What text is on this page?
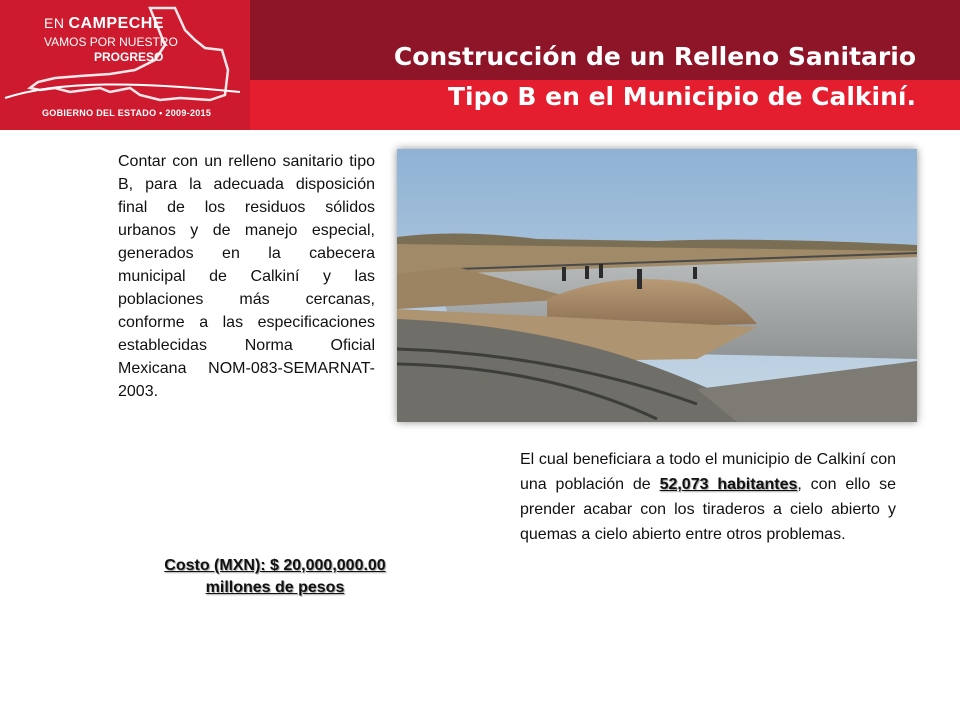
EN CAMPECHE
VAMOS POR NUESTRO
PROGRESO
GOBIERNO DEL ESTADO • 2009-2015
Construcción de un Relleno Sanitario
Tipo B en el Municipio de Calkiní.
Contar con un relleno sanitario tipo B, para la adecuada disposición final de los residuos sólidos urbanos y de manejo especial, generados en la cabecera municipal de Calkiní y las poblaciones más cercanas, conforme a las especificaciones establecidas Norma Oficial Mexicana NOM-083-SEMARNAT-2003.
Costo (MXN): $ 20,000,000.00
millones de pesos
El cual beneficiara a todo el municipio de Calkiní con una población de 52,073 habitantes, con ello se prender acabar con los tiraderos a cielo abierto y quemas a cielo abierto entre otros problemas.
